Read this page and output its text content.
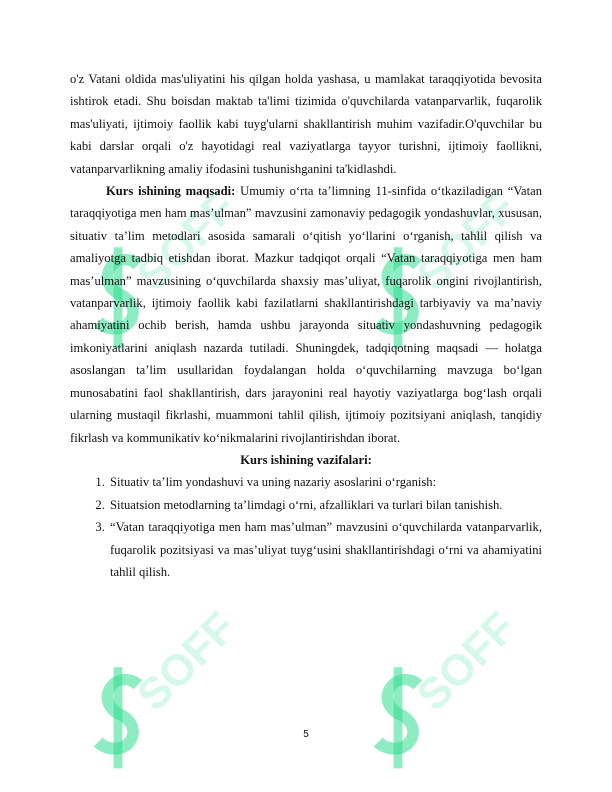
o'z Vatani oldida mas'uliyatini his qilgan holda yashasa, u mamlakat taraqqiyotida bevosita ishtirok etadi. Shu boisdan maktab ta'limi tizimida o'quvchilarda vatanparvarlik, fuqarolik mas'uliyati, ijtimoiy faollik kabi tuyg'ularni shakllantirish muhim vazifadir.O'quvchilar bu kabi darslar orqali o'z hayotidagi real vaziyatlarga tayyor turishni, ijtimoiy faollikni, vatanparvarlikning amaliy ifodasini tushunishganini ta'kidlashdi.

Kurs ishining maqsadi: Umumiy o‘rta ta’limning 11-sinfida o‘tkaziladigan “Vatan taraqqiyotiga men ham mas’ulman” mavzusini zamonaviy pedagogik yondashuvlar, xususan, situativ ta’lim metodlari asosida samarali o‘qitish yo‘llarini o‘rganish, tahlil qilish va amaliyotga tadbiq etishdan iborat. Mazkur tadqiqot orqali “Vatan taraqqiyotiga men ham mas’ulman” mavzusining o‘quvchilarda shaxsiy mas’uliyat, fuqarolik ongini rivojlantirish, vatanparvarlik, ijtimoiy faollik kabi fazilatlarni shakllantirishdagi tarbiyaviy va ma’naviy ahamiyatini ochib berish, hamda ushbu jarayonda situativ yondashuvning pedagogik imkoniyatlarini aniqlash nazarda tutiladi. Shuningdek, tadqiqotning maqsadi — holatga asoslangan ta’lim usullaridan foydalangan holda o‘quvchilarning mavzuga bo‘lgan munosabatini faol shakllantirish, dars jarayonini real hayotiy vaziyatlarga bog‘lash orqali ularning mustaqil fikrlashi, muammoni tahlil qilish, ijtimoiy pozitsiyani aniqlash, tanqidiy fikrlash va kommunikativ ko‘nikmalarini rivojlantirishdan iborat.

Kurs ishining vazifalari:

1. Situativ ta’lim yondashuvi va uning nazariy asoslarini o‘rganish:
2. Situatsion metodlarning ta’limdagi o‘rni, afzalliklari va turlari bilan tanishish.
3. “Vatan taraqqiyotiga men ham mas’ulman” mavzusini o‘quvchilarda vatanparvarlik, fuqarolik pozitsiyasi va mas’uliyat tuyg‘usini shakllantirishdagi o‘rni va ahamiyatini tahlil qilish.
5
